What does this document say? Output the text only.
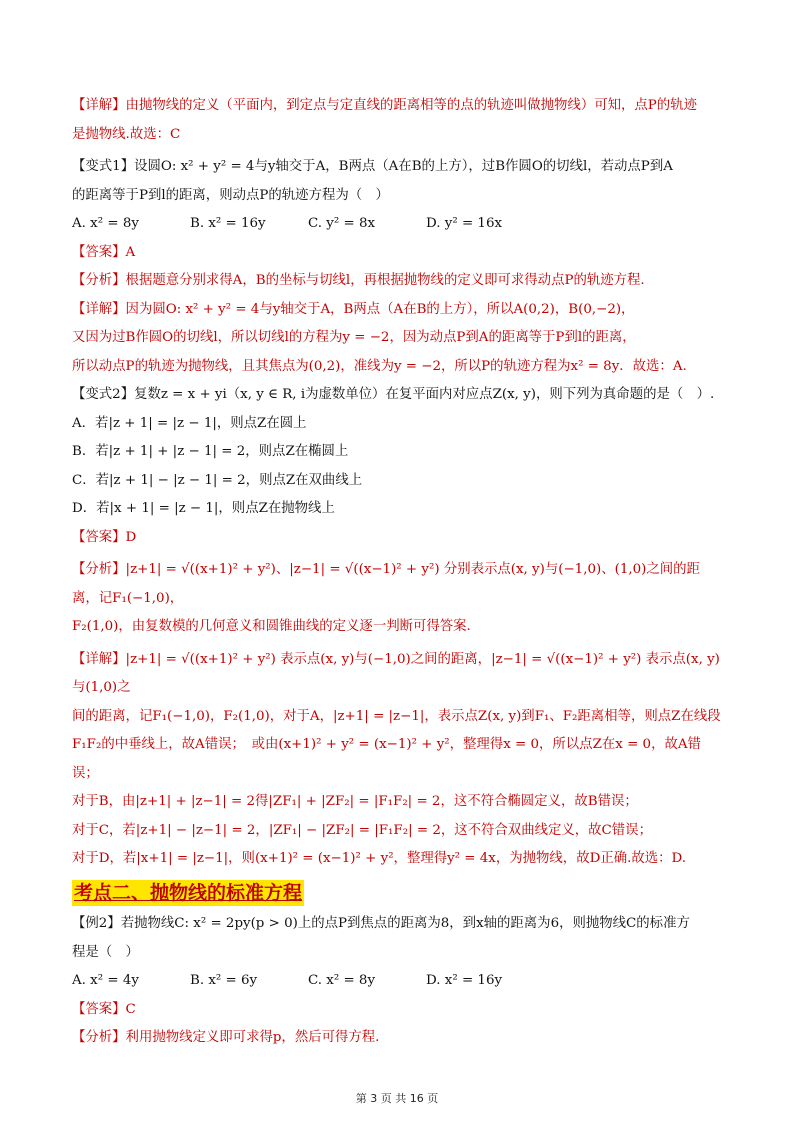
【详解】由抛物线的定义（平面内，到定点与定直线的距离相等的点的轨迹叫做抛物线）可知，点P的轨迹

是抛物线.故选：C

【变式1】设圆O: x² + y² = 4与y轴交于A，B两点（A在B的上方），过B作圆O的切线l，若动点P到A

的距离等于P到l的距离，则动点P的轨迹方程为（　）

A. x² = 8y	B. x² = 16y	C. y² = 8x	D. y² = 16x

【答案】A

【分析】根据题意分别求得A，B的坐标与切线l，再根据抛物线的定义即可求得动点P的轨迹方程.

【详解】因为圆O: x² + y² = 4与y轴交于A，B两点（A在B的上方），所以A(0,2)，B(0,−2)，

又因为过B作圆O的切线l，所以切线l的方程为y = −2，因为动点P到A的距离等于P到l的距离，

所以动点P的轨迹为抛物线，且其焦点为(0,2)，准线为y = −2，所以P的轨迹方程为x² = 8y．故选：A.

【变式2】复数z = x + yi（x, y ∈ R, i为虚数单位）在复平面内对应点Z(x, y)，则下列为真命题的是（　）.

A．若|z + 1| = |z − 1|，则点Z在圆上

B．若|z + 1| + |z − 1| = 2，则点Z在椭圆上

C．若|z + 1| − |z − 1| = 2，则点Z在双曲线上

D．若|x + 1| = |z − 1|，则点Z在抛物线上

【答案】D

【分析】|z+1| = √((x+1)² + y²)、|z−1| = √((x−1)² + y²) 分别表示点(x, y)与(−1,0)、(1,0)之间的距离，记F₁(−1,0)，

F₂(1,0)，由复数模的几何意义和圆锥曲线的定义逐一判断可得答案.

【详解】|z+1| = √((x+1)² + y²) 表示点(x, y)与(−1,0)之间的距离，|z−1| = √((x−1)² + y²) 表示点(x, y)与(1,0)之

间的距离，记F₁(−1,0)，F₂(1,0)，对于A，|z+1| = |z−1|，表示点Z(x, y)到F₁、F₂距离相等，则点Z在线段

F₁F₂的中垂线上，故A错误；　或由(x+1)² + y² = (x−1)² + y²，整理得x = 0，所以点Z在x = 0，故A错误；

对于B，由|z+1| + |z−1| = 2得|ZF₁| + |ZF₂| = |F₁F₂| = 2，这不符合椭圆定义，故B错误；

对于C，若|z+1| − |z−1| = 2，|ZF₁| − |ZF₂| = |F₁F₂| = 2，这不符合双曲线定义，故C错误；

对于D，若|x+1| = |z−1|，则(x+1)² = (x−1)² + y²，整理得y² = 4x，为抛物线，故D正确.故选：D.

考点二、抛物线的标准方程

【例2】若抛物线C: x² = 2py(p > 0)上的点P到焦点的距离为8，到x轴的距离为6，则抛物线C的标准方

程是（　）

A. x² = 4y	B. x² = 6y	C. x² = 8y	D. x² = 16y

【答案】C

【分析】利用抛物线定义即可求得p，然后可得方程.

第 3 页 共 16 页
